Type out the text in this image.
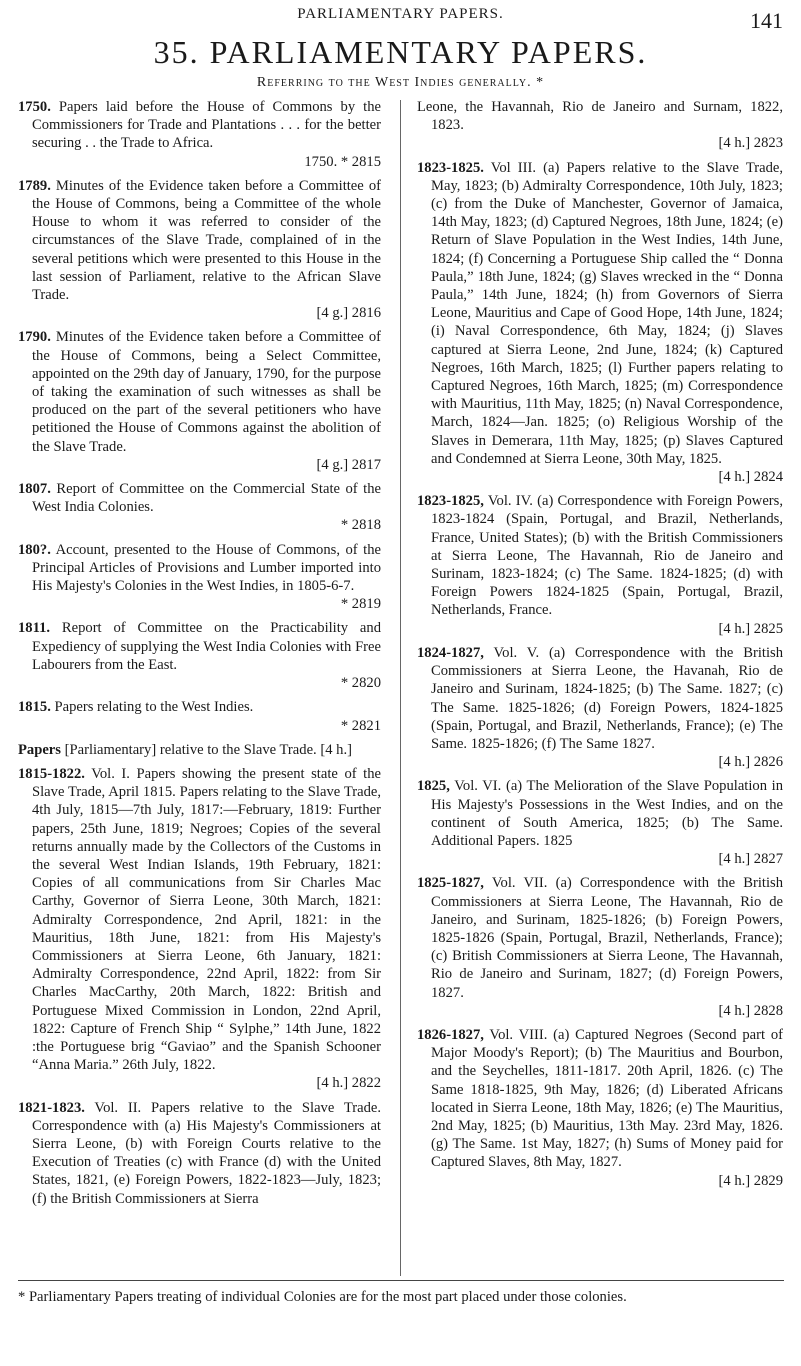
PARLIAMENTARY PAPERS.	141
35. PARLIAMENTARY PAPERS.
Referring to the West Indies generally. *
1750. Papers laid before the House of Commons by the Commissioners for Trade and Plantations . . . for the better securing . . the Trade to Africa.
1750. * 2815
1789. Minutes of the Evidence taken before a Committee of the House of Commons, being a Committee of the whole House to whom it was referred to consider of the circumstances of the Slave Trade, complained of in the several petitions which were presented to this House in the last session of Parliament, relative to the African Slave Trade.
[4 g.] 2816
1790. Minutes of the Evidence taken before a Committee of the House of Commons, being a Select Committee, appointed on the 29th day of January, 1790, for the purpose of taking the examination of such witnesses as shall be produced on the part of the several petitioners who have petitioned the House of Commons against the abolition of the Slave Trade.
[4 g.] 2817
1807. Report of Committee on the Commercial State of the West India Colonies.
* 2818
180?. Account, presented to the House of Commons, of the Principal Articles of Provisions and Lumber imported into His Majesty's Colonies in the West Indies, in 1805-6-7.
* 2819
1811. Report of Committee on the Practicability and Expediency of supplying the West India Colonies with Free Labourers from the East.
* 2820
1815. Papers relating to the West Indies.
* 2821
Papers [Parliamentary] relative to the Slave Trade. [4 h.]
1815-1822. Vol. I. Papers showing the present state of the Slave Trade, April 1815. Papers relating to the Slave Trade, 4th July, 1815—7th July, 1817:—February, 1819: Further papers, 25th June, 1819; Negroes; Copies of the several returns annually made by the Collectors of the Customs in the several West Indian Islands, 19th February, 1821: Copies of all communications from Sir Charles Mac Carthy, Governor of Sierra Leone, 30th March, 1821: Admiralty Correspondence, 2nd April, 1821: in the Mauritius, 18th June, 1821: from His Majesty's Commissioners at Sierra Leone, 6th January, 1821: Admiralty Correspondence, 22nd April, 1822: from Sir Charles MacCarthy, 20th March, 1822: British and Portuguese Mixed Commission in London, 22nd April, 1822: Capture of French Ship “ Sylphe,” 14th June, 1822 :the Portuguese brig “Gaviao” and the Spanish Schooner “Anna Maria.” 26th July, 1822.
[4 h.] 2822
1821-1823. Vol. II. Papers relative to the Slave Trade. Correspondence with (a) His Majesty's Commissioners at Sierra Leone, (b) with Foreign Courts relative to the Execution of Treaties (c) with France (d) with the United States, 1821, (e) Foreign Powers, 1822-1823—July, 1823; (f) the British Commissioners at Sierra
Leone, the Havannah, Rio de Janeiro and Surnam, 1822, 1823.
[4 h.] 2823
1823-1825. Vol III. (a) Papers relative to the Slave Trade, May, 1823; (b) Admiralty Correspondence, 10th July, 1823; (c) from the Duke of Manchester, Governor of Jamaica, 14th May, 1823; (d) Captured Negroes, 18th June, 1824; (e) Return of Slave Population in the West Indies, 14th June, 1824; (f) Concerning a Portuguese Ship called the “ Donna Paula,” 18th June, 1824; (g) Slaves wrecked in the “ Donna Paula,” 14th June, 1824; (h) from Governors of Sierra Leone, Mauritius and Cape of Good Hope, 14th June, 1824; (i) Naval Correspondence, 6th May, 1824; (j) Slaves captured at Sierra Leone, 2nd June, 1824; (k) Captured Negroes, 16th March, 1825; (l) Further papers relating to Captured Negroes, 16th March, 1825; (m) Correspondence with Mauritius, 11th May, 1825; (n) Naval Correspondence, March, 1824—Jan. 1825; (o) Religious Worship of the Slaves in Demerara, 11th May, 1825; (p) Slaves Captured and Condemned at Sierra Leone, 30th May, 1825.
[4 h.] 2824
1823-1825, Vol. IV. (a) Correspondence with Foreign Powers, 1823-1824 (Spain, Portugal, and Brazil, Netherlands, France, United States); (b) with the British Commissioners at Sierra Leone, The Havannah, Rio de Janeiro and Surinam, 1823-1824; (c) The Same. 1824-1825; (d) with Foreign Powers 1824-1825 (Spain, Portugal, Brazil, Netherlands, France.
[4 h.] 2825
1824-1827, Vol. V. (a) Correspondence with the British Commissioners at Sierra Leone, the Havanah, Rio de Janeiro and Surinam, 1824-1825; (b) The Same. 1827; (c) The Same. 1825-1826; (d) Foreign Powers, 1824-1825 (Spain, Portugal, and Brazil, Netherlands, France); (e) The Same. 1825-1826; (f) The Same 1827.
[4 h.] 2826
1825, Vol. VI. (a) The Melioration of the Slave Population in His Majesty's Possessions in the West Indies, and on the continent of South America, 1825; (b) The Same. Additional Papers. 1825
[4 h.] 2827
1825-1827, Vol. VII. (a) Correspondence with the British Commissioners at Sierra Leone, The Havannah, Rio de Janeiro, and Surinam, 1825-1826; (b) Foreign Powers, 1825-1826 (Spain, Portugal, Brazil, Netherlands, France); (c) British Commissioners at Sierra Leone, The Havannah, Rio de Janeiro and Surinam, 1827; (d) Foreign Powers, 1827.
[4 h.] 2828
1826-1827, Vol. VIII. (a) Captured Negroes (Second part of Major Moody's Report); (b) The Mauritius and Bourbon, and the Seychelles, 1811-1817. 20th April, 1826. (c) The Same 1818-1825, 9th May, 1826; (d) Liberated Africans located in Sierra Leone, 18th May, 1826; (e) The Mauritius, 2nd May, 1825; (b) Mauritius, 13th May. 23rd May, 1826. (g) The Same. 1st May, 1827; (h) Sums of Money paid for Captured Slaves, 8th May, 1827.
[4 h.] 2829
* Parliamentary Papers treating of individual Colonies are for the most part placed under those colonies.
